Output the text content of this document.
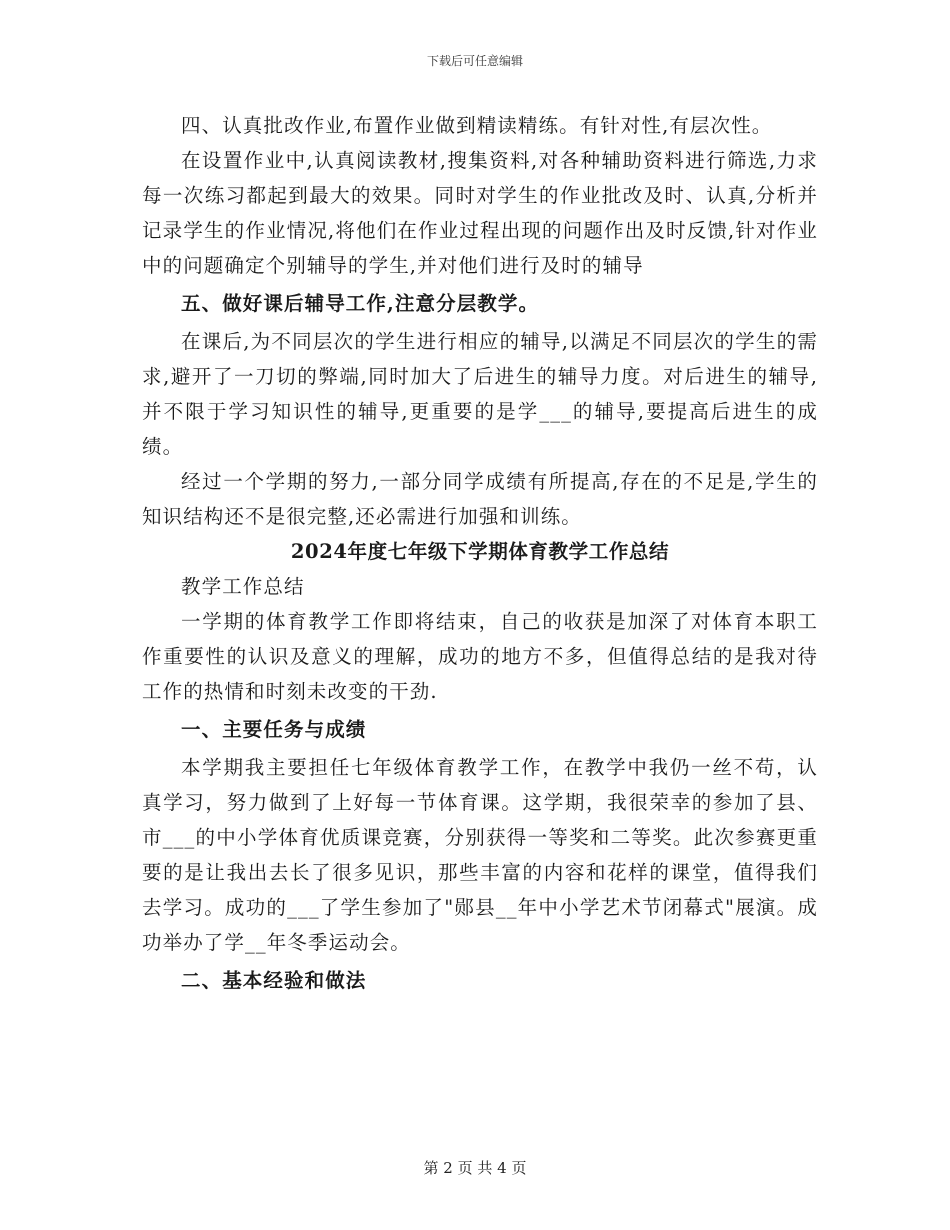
下载后可任意编辑

四、认真批改作业,布置作业做到精读精练。有针对性,有层次性。

在设置作业中,认真阅读教材,搜集资料,对各种辅助资料进行筛选,力求每一次练习都起到最大的效果。同时对学生的作业批改及时、认真,分析并记录学生的作业情况,将他们在作业过程出现的问题作出及时反馈,针对作业中的问题确定个别辅导的学生,并对他们进行及时的辅导

五、做好课后辅导工作,注意分层教学。

在课后,为不同层次的学生进行相应的辅导,以满足不同层次的学生的需求,避开了一刀切的弊端,同时加大了后进生的辅导力度。对后进生的辅导,并不限于学习知识性的辅导,更重要的是学___的辅导,要提高后进生的成绩。

经过一个学期的努力,一部分同学成绩有所提高,存在的不足是,学生的知识结构还不是很完整,还必需进行加强和训练。

2024年度七年级下学期体育教学工作总结

教学工作总结

一学期的体育教学工作即将结束，自己的收获是加深了对体育本职工作重要性的认识及意义的理解，成功的地方不多，但值得总结的是我对待工作的热情和时刻未改变的干劲.

一、主要任务与成绩

本学期我主要担任七年级体育教学工作，在教学中我仍一丝不苟，认真学习，努力做到了上好每一节体育课。这学期，我很荣幸的参加了县、市___的中小学体育优质课竞赛，分别获得一等奖和二等奖。此次参赛更重要的是让我出去长了很多见识，那些丰富的内容和花样的课堂，值得我们去学习。成功的___了学生参加了"郧县__年中小学艺术节闭幕式"展演。成功举办了学__年冬季运动会。

二、基本经验和做法

第 2 页 共 4 页
